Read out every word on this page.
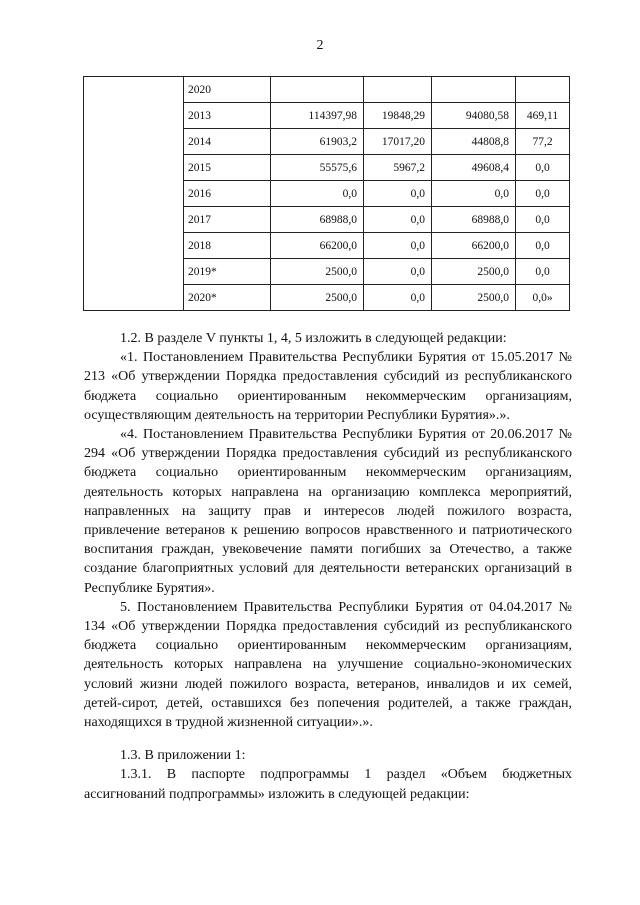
2
	2020				
	2013	114397,98	19848,29	94080,58	469,11
	2014	61903,2	17017,20	44808,8	77,2
	2015	55575,6	5967,2	49608,4	0,0
	2016	0,0	0,0	0,0	0,0
	2017	68988,0	0,0	68988,0	0,0
	2018	66200,0	0,0	66200,0	0,0
	2019*	2500,0	0,0	2500,0	0,0
	2020*	2500,0	0,0	2500,0	0,0»

1.2. В разделе V пункты 1, 4, 5 изложить в следующей редакции:

«1. Постановлением Правительства Республики Бурятия от 15.05.2017 № 213 «Об утверждении Порядка предоставления субсидий из республиканского бюджета социально ориентированным некоммерческим организациям, осуществляющим деятельность на территории Республики Бурятия».».

«4. Постановлением Правительства Республики Бурятия от 20.06.2017 № 294 «Об утверждении Порядка предоставления субсидий из республиканского бюджета социально ориентированным некоммерческим организациям, деятельность которых направлена на организацию комплекса мероприятий, направленных на защиту прав и интересов людей пожилого возраста, привлечение ветеранов к решению вопросов нравственного и патриотического воспитания граждан, увековечение памяти погибших за Отечество, а также создание благоприятных условий для деятельности ветеранских организаций в Республике Бурятия».

5. Постановлением Правительства Республики Бурятия от 04.04.2017 № 134 «Об утверждении Порядка предоставления субсидий из республиканского бюджета социально ориентированным некоммерческим организациям, деятельность которых направлена на улучшение социально-экономических условий жизни людей пожилого возраста, ветеранов, инвалидов и их семей, детей-сирот, детей, оставшихся без попечения родителей, а также граждан, находящихся в трудной жизненной ситуации».».

1.3. В приложении 1:

1.3.1. В паспорте подпрограммы 1 раздел «Объем бюджетных ассигнований подпрограммы» изложить в следующей редакции:
